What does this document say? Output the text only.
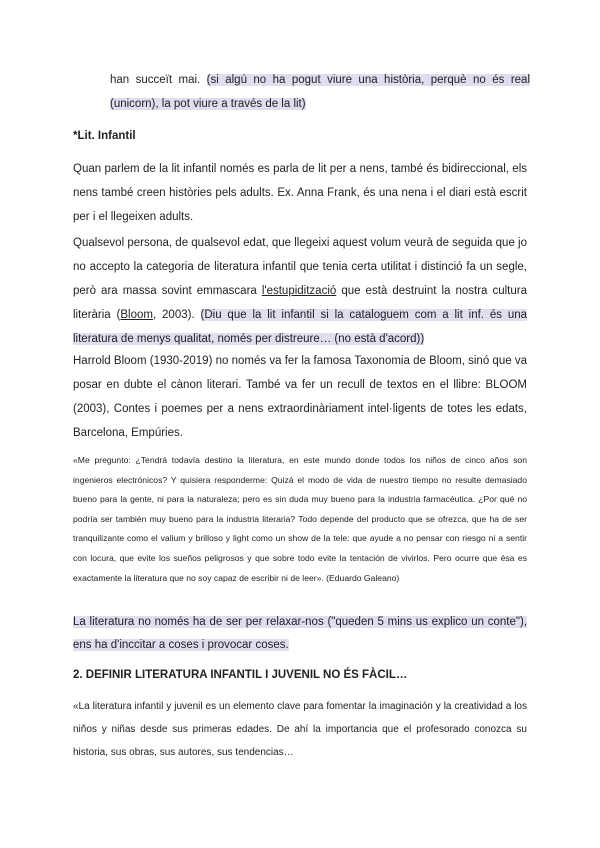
han succeït mai. (si algú no ha pogut viure una història, perquè no és real (unicorn), la pot viure a través de la lit)
*Lit. Infantil
Quan parlem de la lit infantil només es parla de lit per a nens, també és bidireccional, els nens també creen històries pels adults. Ex. Anna Frank, és una nena i el diari està escrit per i el llegeixen adults.
Qualsevol persona, de qualsevol edat, que llegeixi aquest volum veurà de seguida que jo no accepto la categoria de literatura infantil que tenia certa utilitat i distinció fa un segle, però ara massa sovint emmascara l'estupidització que està destruint la nostra cultura literària (Bloom, 2003). (Diu que la lit infantil si la cataloguem com a lit inf. és una literatura de menys qualitat, només per distreure… (no està d'acord))
Harrold Bloom (1930-2019) no només va fer la famosa Taxonomia de Bloom, sinó que va posar en dubte el cànon literari. També va fer un recull de textos en el llibre: BLOOM (2003), Contes i poemes per a nens extraordinàriament intel·ligents de totes les edats, Barcelona, Empúries.
«Me pregunto: ¿Tendrá todavía destino la literatura, en este mundo donde todos los niños de cinco años son ingenieros electrónicos? Y quisiera responderme: Quizá el modo de vida de nuestro tiempo no resulte demasiado bueno para la gente, ni para la naturaleza; pero es sin duda muy bueno para la industria farmacéutica. ¿Por qué no podría ser también muy bueno para la industria literaria? Todo depende del producto que se ofrezca, que ha de ser tranquilizante como el valium y brilloso y light como un show de la tele: que ayude a no pensar con riesgo ni a sentir con locura, que evite los sueños peligrosos y que sobre todo evite la tentación de vivirlos. Pero ocurre que ésa es exactamente la literatura que no soy capaz de escribir ni de leer». (Eduardo Galeano)
La literatura no només ha de ser per relaxar-nos ("queden 5 mins us explico un conte"), ens ha d'inccitar a coses i provocar coses.
2. DEFINIR LITERATURA INFANTIL I JUVENIL NO ÉS FÀCIL…
«La literatura infantil y juvenil es un elemento clave para fomentar la imaginación y la creatividad a los niños y niñas desde sus primeras edades. De ahí la importancia que el profesorado conozca su historia, sus obras, sus autores, sus tendencias…
